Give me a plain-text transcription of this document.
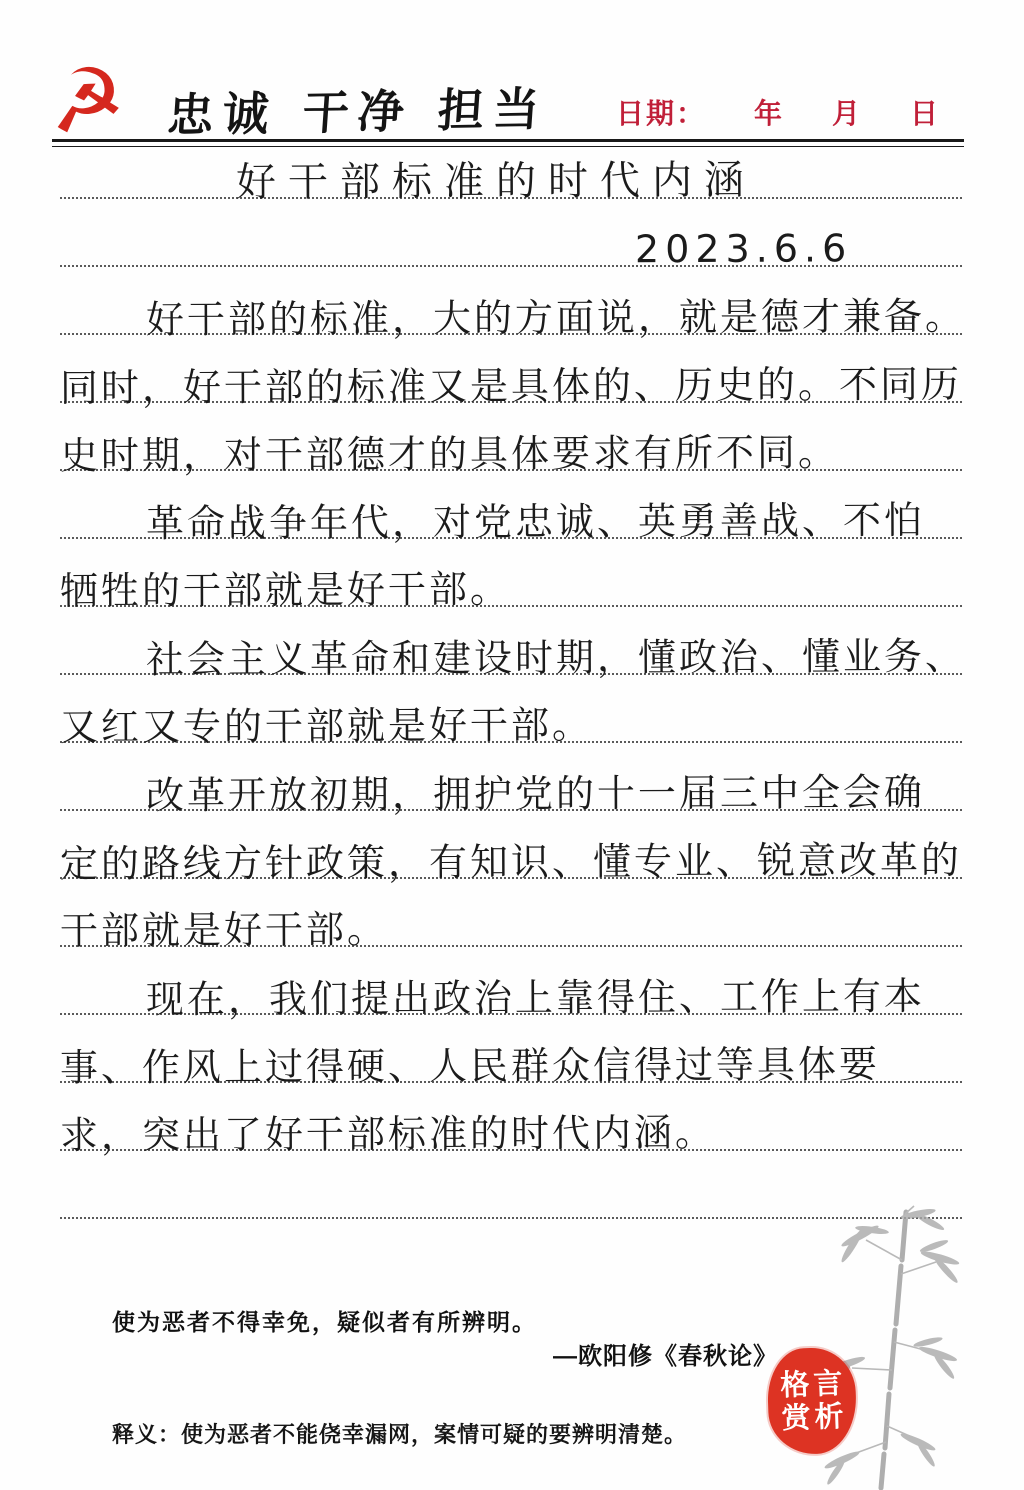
☭ 忠诚 干净 担当 日期： 年 月 日
好干部标准的时代内涵
2023.6.6
好干部的标准，大的方面说，就是德才兼备。
同时，好干部的标准又是具体的、历史的。不同历
史时期，对干部德才的具体要求有所不同。
革命战争年代，对党忠诚、英勇善战、不怕
牺牲的干部就是好干部。
社会主义革命和建设时期，懂政治、懂业务、
又红又专的干部就是好干部。
改革开放初期，拥护党的十一届三中全会确
定的路线方针政策，有知识、懂专业、锐意改革的
干部就是好干部。
现在，我们提出政治上靠得住、工作上有本
事、作风上过得硬、人民群众信得过等具体要
求，突出了好干部标准的时代内涵。
使为恶者不得幸免，疑似者有所辨明。
—欧阳修《春秋论》
格言
赏析
释义：使为恶者不能侥幸漏网，案情可疑的要辨明清楚。
